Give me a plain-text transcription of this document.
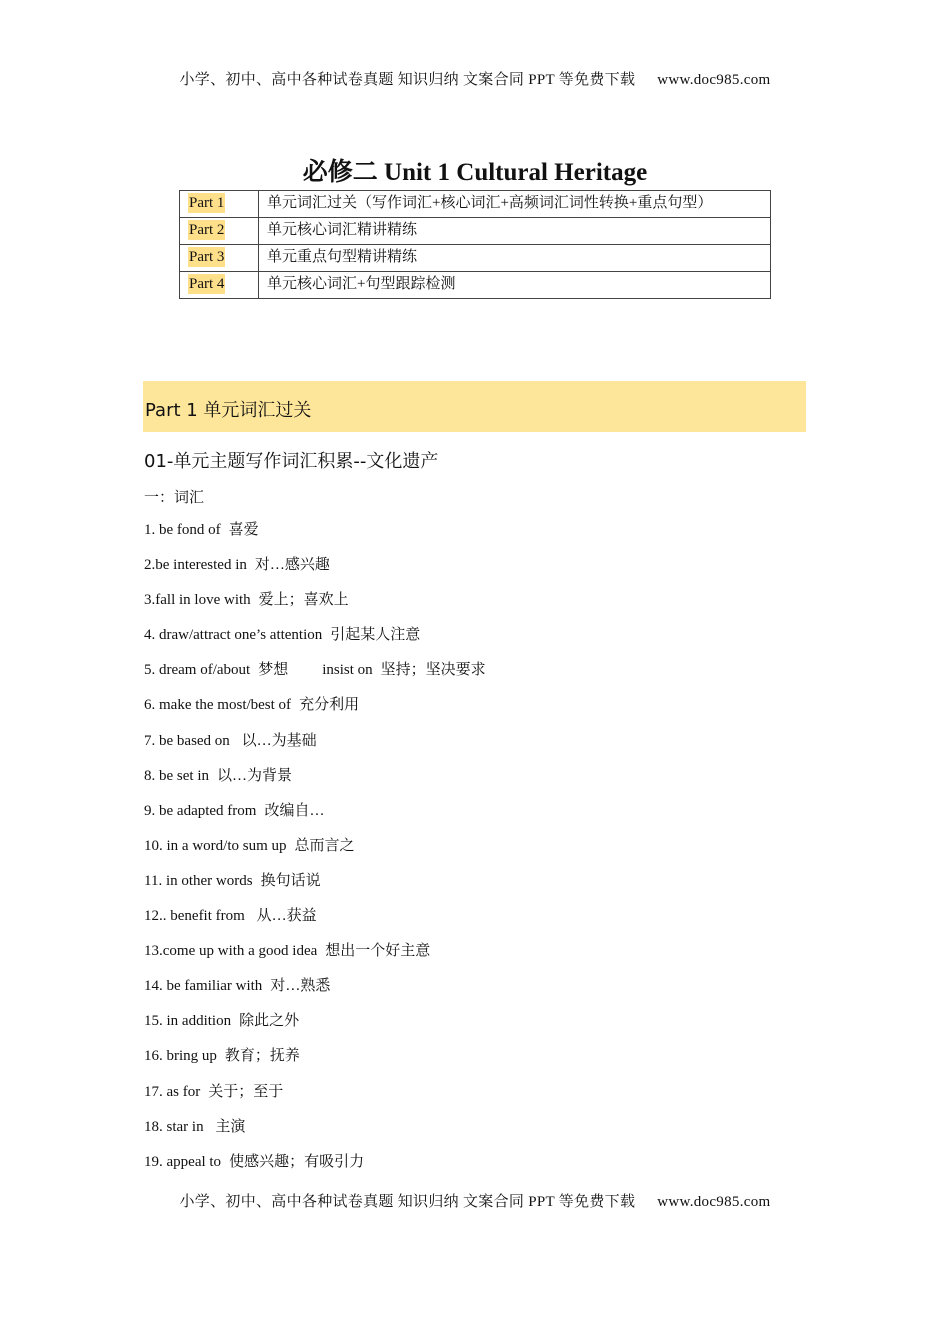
小学、初中、高中各种试卷真题 知识归纳 文案合同 PPT 等免费下载 www.doc985.com
必修二 Unit 1 Cultural Heritage
Part 1	单元词汇过关（写作词汇+核心词汇+高频词汇词性转换+重点句型）
Part 2	单元核心词汇精讲精练
Part 3	单元重点句型精讲精练
Part 4	单元核心词汇+句型跟踪检测
Part 1 单元词汇过关
01-单元主题写作词汇积累--文化遗产
一：词汇
1. be fond of 喜爱
2.be interested in 对…感兴趣
3.fall in love with 爱上；喜欢上
4. draw/attract one’s attention 引起某人注意
5. dream of/about 梦想 insist on 坚持；坚决要求
6. make the most/best of 充分利用
7. be based on 以…为基础
8. be set in 以…为背景
9. be adapted from 改编自…
10. in a word/to sum up 总而言之
11. in other words 换句话说
12.. benefit from 从…获益
13.come up with a good idea 想出一个好主意
14. be familiar with 对…熟悉
15. in addition 除此之外
16. bring up 教育；抚养
17. as for 关于；至于
18. star in 主演
19. appeal to 使感兴趣；有吸引力
小学、初中、高中各种试卷真题 知识归纳 文案合同 PPT 等免费下载 www.doc985.com
